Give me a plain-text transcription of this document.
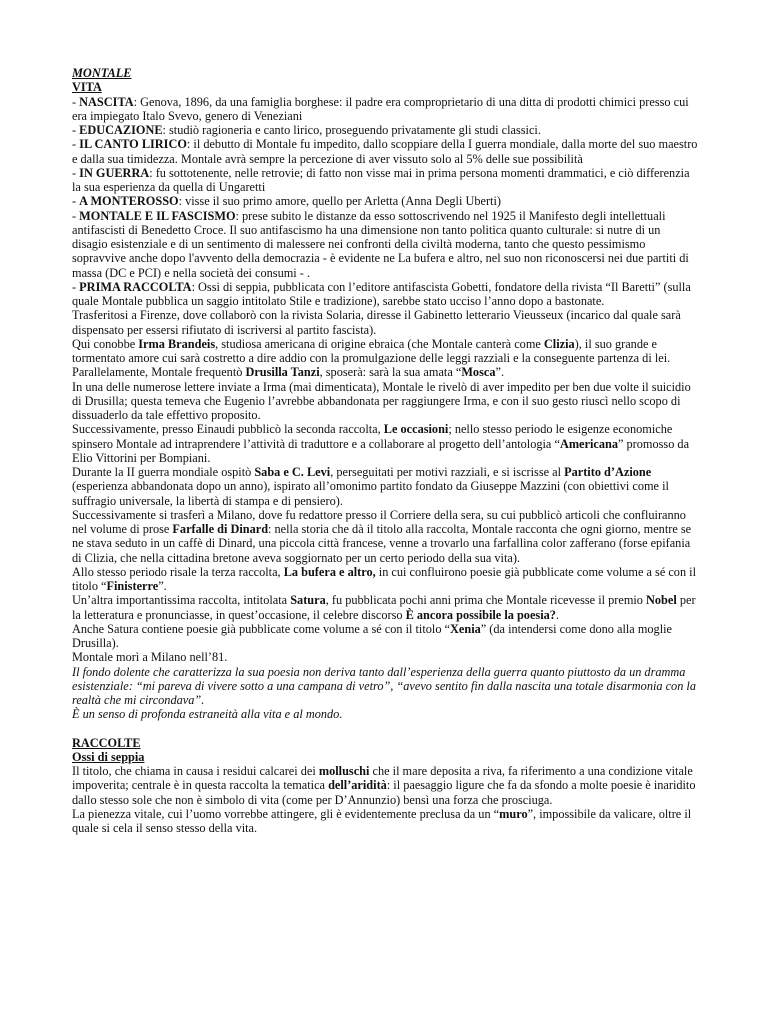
MONTALE
VITA
- NASCITA: Genova, 1896, da una famiglia borghese: il padre era comproprietario di una ditta di prodotti chimici presso cui era impiegato Italo Svevo, genero di Veneziani
- EDUCAZIONE: studiò ragioneria e canto lirico, proseguendo privatamente gli studi classici.
- IL CANTO LIRICO: il debutto di Montale fu impedito, dallo scoppiare della I guerra mondiale, dalla morte del suo maestro e dalla sua timidezza. Montale avrà sempre la percezione di aver vissuto solo al 5% delle sue possibilità
- IN GUERRA: fu sottotenente, nelle retrovie; di fatto non visse mai in prima persona momenti drammatici, e ciò differenzia la sua esperienza da quella di Ungaretti
- A MONTEROSSO: visse il suo primo amore, quello per Arletta (Anna Degli Uberti)
- MONTALE E IL FASCISMO: prese subito le distanze da esso sottoscrivendo nel 1925 il Manifesto degli intellettuali antifascisti di Benedetto Croce. Il suo antifascismo ha una dimensione non tanto politica quanto culturale: si nutre di un disagio esistenziale e di un sentimento di malessere nei confronti della civiltà moderna, tanto che questo pessimismo sopravvive anche dopo l'avvento della democrazia - è evidente ne La bufera e altro, nel suo non riconoscersi nei due partiti di massa (DC e PCI) e nella società dei consumi - .
- PRIMA RACCOLTA: Ossi di seppia, pubblicata con l’editore antifascista Gobetti, fondatore della rivista “Il Baretti” (sulla quale Montale pubblica un saggio intitolato Stile e tradizione), sarebbe stato ucciso l’anno dopo a bastonate.
Trasferitosi a Firenze, dove collaborò con la rivista Solaria, diresse il Gabinetto letterario Vieusseux (incarico dal quale sarà dispensato per essersi rifiutato di iscriversi al partito fascista).
Qui conobbe Irma Brandeis, studiosa americana di origine ebraica (che Montale canterà come Clizia), il suo grande e tormentato amore cui sarà costretto a dire addio con la promulgazione delle leggi razziali e la conseguente partenza di lei.
Parallelamente, Montale frequentò Drusilla Tanzi, sposerà: sarà la sua amata “Mosca”.
In una delle numerose lettere inviate a Irma (mai dimenticata), Montale le rivelò di aver impedito per ben due volte il suicidio di Drusilla; questa temeva che Eugenio l’avrebbe abbandonata per raggiungere Irma, e con il suo gesto riuscì nello scopo di dissuaderlo da tale effettivo proposito.
Successivamente, presso Einaudi pubblicò la seconda raccolta, Le occasioni; nello stesso periodo le esigenze economiche spinsero Montale ad intraprendere l’attività di traduttore e a collaborare al progetto dell’antologia “Americana” promosso da Elio Vittorini per Bompiani.
Durante la II guerra mondiale ospitò Saba e C. Levi, perseguitati per motivi razziali, e si iscrisse al Partito d’Azione (esperienza abbandonata dopo un anno), ispirato all’omonimo partito fondato da Giuseppe Mazzini (con obiettivi come il suffragio universale, la libertà di stampa e di pensiero).
Successivamente si trasferì a Milano, dove fu redattore presso il Corriere della sera, su cui pubblicò articoli che confluiranno nel volume di prose Farfalle di Dinard: nella storia che dà il titolo alla raccolta, Montale racconta che ogni giorno, mentre se ne stava seduto in un caffè di Dinard, una piccola città francese, venne a trovarlo una farfallina color zafferano (forse epifania di Clizia, che nella cittadina bretone aveva soggiornato per un certo periodo della sua vita).
Allo stesso periodo risale la terza raccolta, La bufera e altro, in cui confluirono poesie già pubblicate come volume a sé con il titolo “Finisterre”.
Un’altra importantissima raccolta, intitolata Satura, fu pubblicata pochi anni prima che Montale ricevesse il premio Nobel per la letteratura e pronunciasse, in quest’occasione, il celebre discorso È ancora possibile la poesia?.
Anche Satura contiene poesie già pubblicate come volume a sé con il titolo “Xenia” (da intendersi come dono alla moglie Drusilla).
Montale morì a Milano nell’81.
Il fondo dolente che caratterizza la sua poesia non deriva tanto dall’esperienza della guerra quanto piuttosto da un dramma esistenziale: “mi pareva di vivere sotto a una campana di vetro”, “avevo sentito fin dalla nascita una totale disarmonia con la realtà che mi circondava”.
È un senso di profonda estraneità alla vita e al mondo.
RACCOLTE
Ossi di seppia
Il titolo, che chiama in causa i residui calcarei dei molluschi che il mare deposita a riva, fa riferimento a una condizione vitale impoverita; centrale è in questa raccolta la tematica dell’aridità: il paesaggio ligure che fa da sfondo a molte poesie è inaridito dallo stesso sole che non è simbolo di vita (come per D’Annunzio) bensì una forza che prosciuga.
La pienezza vitale, cui l’uomo vorrebbe attingere, gli è evidentemente preclusa da un “muro”, impossibile da valicare, oltre il quale si cela il senso stesso della vita.
